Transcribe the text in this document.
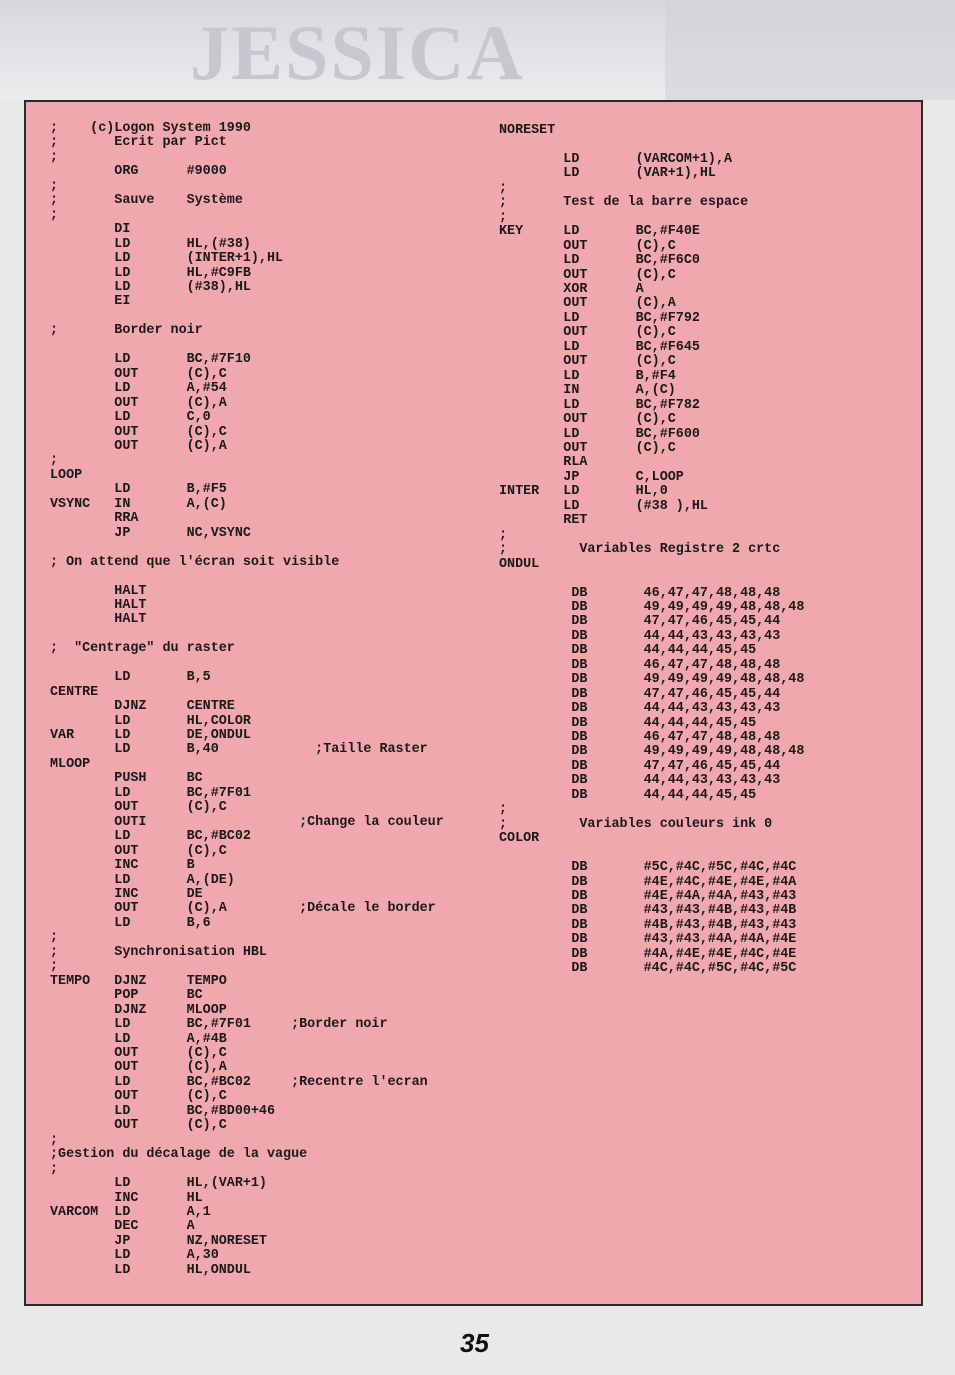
JESSICA
;    (c)Logon System 1990
;       Ecrit par Pict
;
ORG      #9000
;
;       Sauve    Système
;
DI
LD       HL,(#38)
LD       (INTER+1),HL
LD       HL,#C9FB
LD       (#38),HL
EI

;       Border noir

LD       BC,#7F10
OUT      (C),C
LD       A,#54
OUT      (C),A
LD       C,0
OUT      (C),C
OUT      (C),A
;
LOOP
LD       B,#F5
VSYNC   IN       A,(C)
RRA
JP       NC,VSYNC

; On attend que l'écran soit visible

HALT
HALT
HALT

;  "Centrage" du raster

LD       B,5
CENTRE
DJNZ     CENTRE
LD       HL,COLOR
VAR     LD       DE,ONDUL
LD       B,40            ;Taille Raster
MLOOP
PUSH     BC
LD       BC,#7F01
OUT      (C),C
OUTI                   ;Change la couleur
LD       BC,#BC02
OUT      (C),C
INC      B
LD       A,(DE)
INC      DE
OUT      (C),A         ;Décale le border
LD       B,6
;
;       Synchronisation HBL
;
TEMPO   DJNZ     TEMPO
POP      BC
DJNZ     MLOOP
LD       BC,#7F01     ;Border noir
LD       A,#4B
OUT      (C),C
OUT      (C),A
LD       BC,#BC02     ;Recentre l'ecran
OUT      (C),C
LD       BC,#BD00+46
OUT      (C),C
;
;Gestion du décalage de la vague
;
LD       HL,(VAR+1)
INC      HL
VARCOM  LD       A,1
DEC      A
JP       NZ,NORESET
LD       A,30
LD       HL,ONDUL
NORESET

LD       (VARCOM+1),A
LD       (VAR+1),HL
;
;       Test de la barre espace
;
KEY     LD       BC,#F40E
OUT      (C),C
LD       BC,#F6C0
OUT      (C),C
XOR      A
OUT      (C),A
LD       BC,#F792
OUT      (C),C
LD       BC,#F645
OUT      (C),C
LD       B,#F4
IN       A,(C)
LD       BC,#F782
OUT      (C),C
LD       BC,#F600
OUT      (C),C
RLA
JP       C,LOOP
INTER   LD       HL,0
LD       (#38 ),HL
RET
;
;         Variables Registre 2 crtc
ONDUL

DB       46,47,47,48,48,48
DB       49,49,49,49,48,48,48
DB       47,47,46,45,45,44
DB       44,44,43,43,43,43
DB       44,44,44,45,45
DB       46,47,47,48,48,48
DB       49,49,49,49,48,48,48
DB       47,47,46,45,45,44
DB       44,44,43,43,43,43
DB       44,44,44,45,45
DB       46,47,47,48,48,48
DB       49,49,49,49,48,48,48
DB       47,47,46,45,45,44
DB       44,44,43,43,43,43
DB       44,44,44,45,45
;
;         Variables couleurs ink 0
COLOR

DB       #5C,#4C,#5C,#4C,#4C
DB       #4E,#4C,#4E,#4E,#4A
DB       #4E,#4A,#4A,#43,#43
DB       #43,#43,#4B,#43,#4B
DB       #4B,#43,#4B,#43,#43
DB       #43,#43,#4A,#4A,#4E
DB       #4A,#4E,#4E,#4C,#4E
DB       #4C,#4C,#5C,#4C,#5C
35
